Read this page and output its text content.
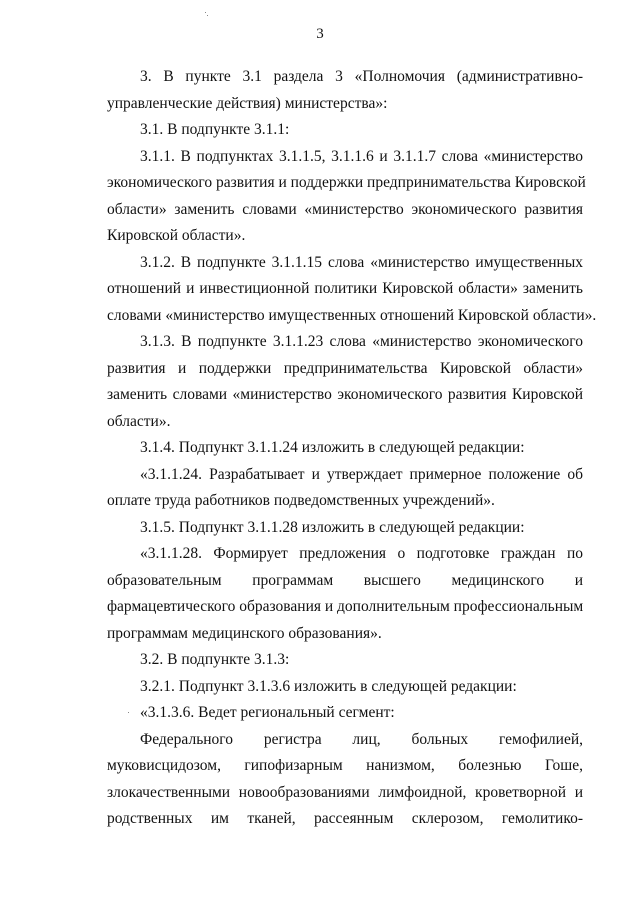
3
3. В пункте 3.1 раздела 3 «Полномочия (административно-
управленческие действия) министерства»:
3.1. В подпункте 3.1.1:
3.1.1. В подпунктах 3.1.1.5, 3.1.1.6 и 3.1.1.7 слова «министерство
экономического развития и поддержки предпринимательства Кировской
области» заменить словами «министерство экономического развития
Кировской области».
3.1.2. В подпункте 3.1.1.15 слова «министерство имущественных
отношений и инвестиционной политики Кировской области» заменить
словами «министерство имущественных отношений Кировской области».
3.1.3. В подпункте 3.1.1.23 слова «министерство экономического
развития и поддержки предпринимательства Кировской области»
заменить словами «министерство экономического развития Кировской
области».
3.1.4. Подпункт 3.1.1.24 изложить в следующей редакции:
«3.1.1.24. Разрабатывает и утверждает примерное положение об
оплате труда работников подведомственных учреждений».
3.1.5. Подпункт 3.1.1.28 изложить в следующей редакции:
«3.1.1.28. Формирует предложения о подготовке граждан по
образовательным программам высшего медицинского и
фармацевтического образования и дополнительным профессиональным
программам медицинского образования».
3.2. В подпункте 3.1.3:
3.2.1. Подпункт 3.1.3.6 изложить в следующей редакции:
«3.1.3.6. Ведет региональный сегмент:
Федерального регистра лиц, больных гемофилией,
муковисцидозом, гипофизарным нанизмом, болезнью Гоше,
злокачественными новообразованиями лимфоидной, кроветворной и
родственных им тканей, рассеянным склерозом, гемолитико-
